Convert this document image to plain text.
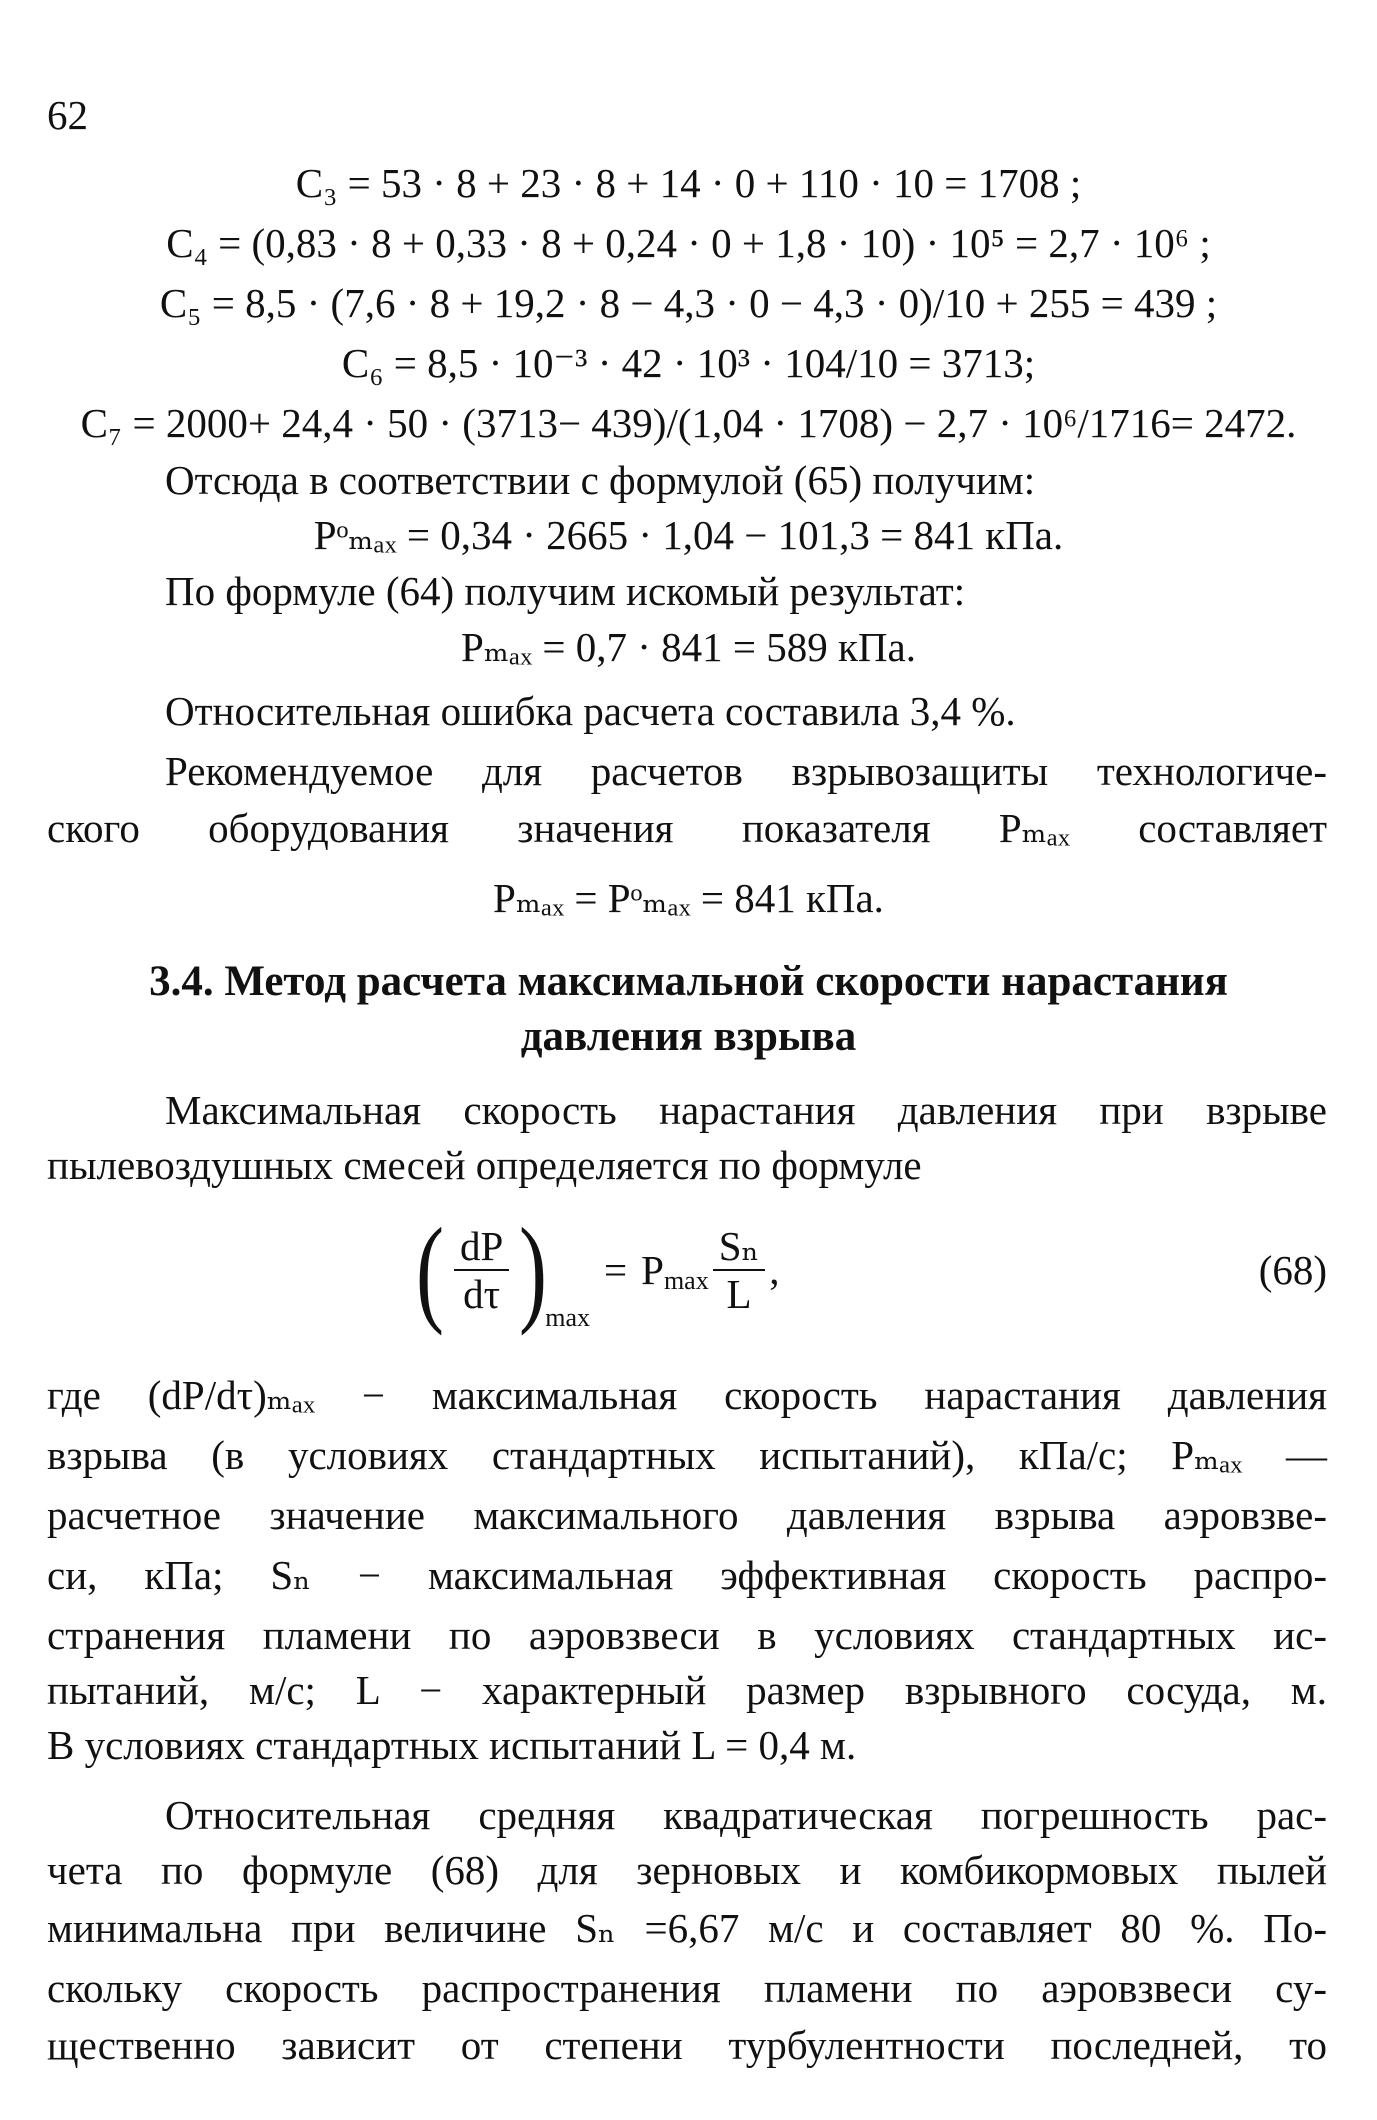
62
C₃ = 53 · 8 + 23 · 8 + 14 · 0 + 110 · 10 = 1708 ;
C₄ = (0,83 · 8 + 0,33 · 8 + 0,24 · 0 + 1,8 · 10) · 10⁵ = 2,7 · 10⁶ ;
C₅ = 8,5 · (7,6 · 8 + 19,2 · 8 − 4,3 · 0 − 4,3 · 0)/10 + 255 = 439 ;
C₆ = 8,5 · 10⁻³ · 42 · 10³ · 104/10 = 3713;
C₇ = 2000+ 24,4 · 50 · (3713− 439)/(1,04 · 1708) − 2,7 · 10⁶/1716= 2472.
Отсюда в соответствии с формулой (65) получим:
Pᵒₘₐₓ = 0,34 · 2665 · 1,04 − 101,3 = 841 кПа.
По формуле (64) получим искомый результат:
Pₘₐₓ = 0,7 · 841 = 589 кПа.
Относительная ошибка расчета составила 3,4 %.
Рекомендуемое для расчетов взрывозащиты технологиче-
ского оборудования значения показателя Pₘₐₓ составляет
Pₘₐₓ = Pᵒₘₐₓ = 841 кПа.
3.4. Метод расчета максимальной скорости нарастания
давления взрыва
Максимальная скорость нарастания давления при взрыве
пылевоздушных смесей определяется по формуле
( $\frac{dP}{d\tau}$ )
max
= P $\max \frac{\text{Sₙ}}{L}$ ,	(68)
где (dP/dτ)ₘₐₓ − максимальная скорость нарастания давления
взрыва (в условиях стандартных испытаний), кПа/с; Pₘₐₓ —
расчетное значение максимального давления взрыва аэровзве-
си, кПа; Sₙ − максимальная эффективная скорость распро-
странения пламени по аэровзвеси в условиях стандартных ис-
пытаний, м/с; L − характерный размер взрывного сосуда, м.
В условиях стандартных испытаний L = 0,4 м.
Относительная средняя квадратическая погрешность рас-
чета по формуле (68) для зерновых и комбикормовых пылей
минимальна при величине Sₙ =6,67 м/с и составляет 80 %. По-
скольку скорость распространения пламени по аэровзвеси су-
щественно зависит от степени турбулентности последней, то
